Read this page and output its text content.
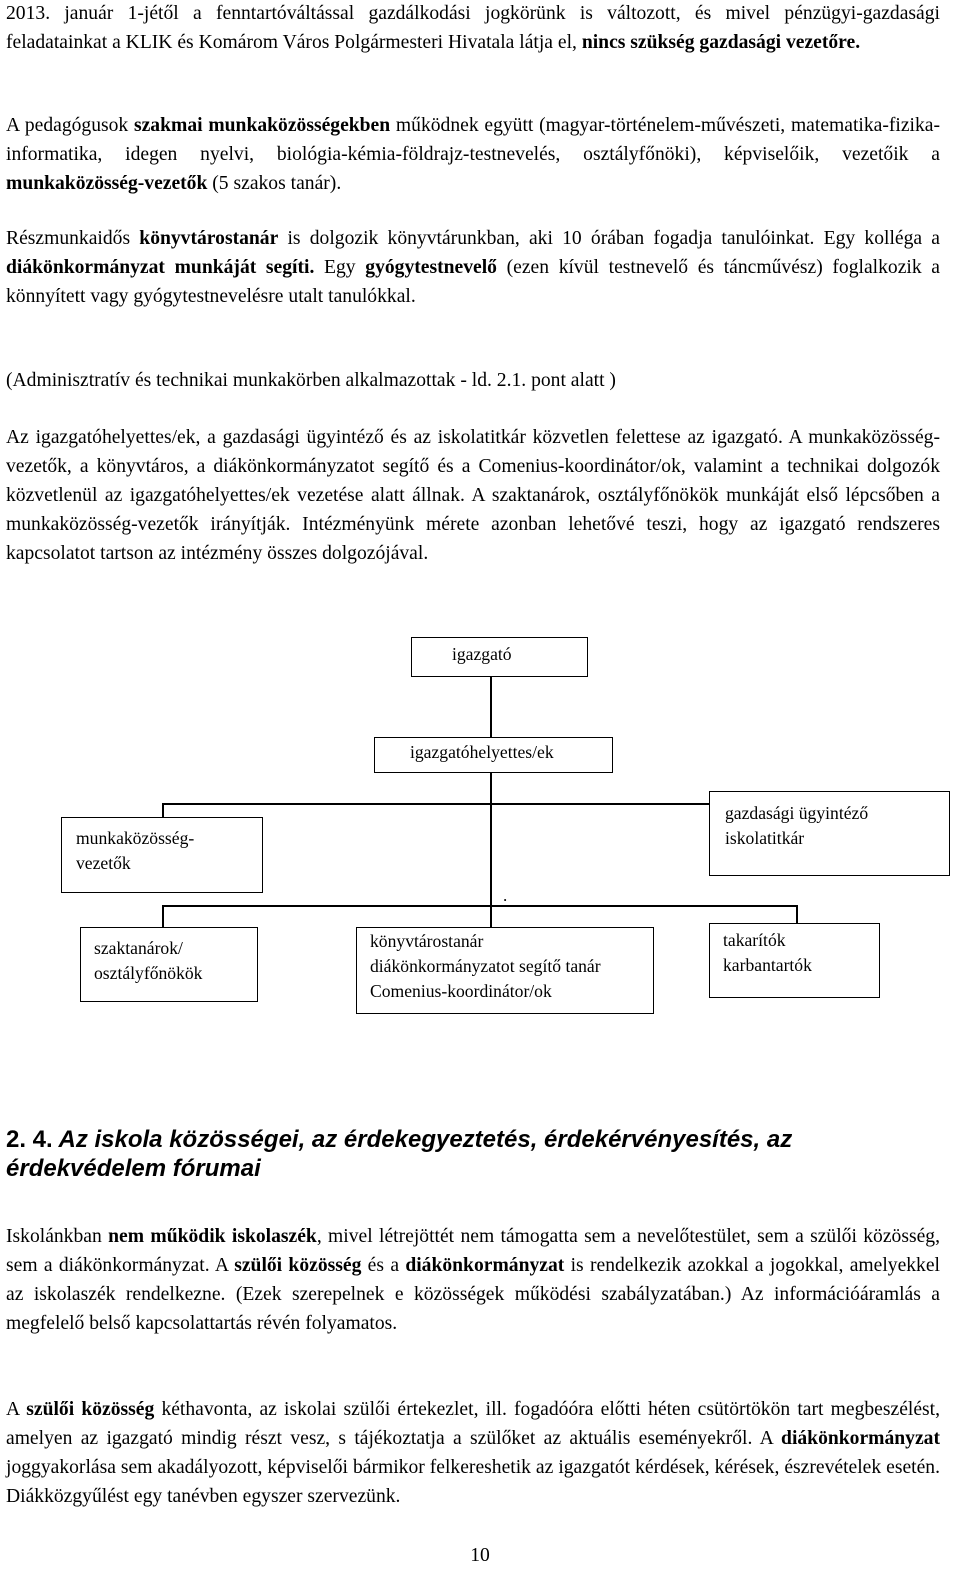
2013. január 1-jétől a fenntartóváltással gazdálkodási jogkörünk is változott, és mivel pénzügyi-gazdasági feladatainkat a KLIK és Komárom Város Polgármesteri Hivatala látja el, nincs szükség gazdasági vezetőre.

A pedagógusok szakmai munkaközösségekben működnek együtt (magyar-történelem-művészeti, matematika-fizika-informatika, idegen nyelvi, biológia-kémia-földrajz-testnevelés, osztályfőnöki), képviselőik, vezetőik a munkaközösség-vezetők (5 szakos tanár).

Részmunkaidős könyvtárostanár is dolgozik könyvtárunkban, aki 10 órában fogadja tanulóinkat. Egy kolléga a diákönkormányzat munkáját segíti. Egy gyógytestnevelő (ezen kívül testnevelő és táncművész) foglalkozik a könnyített vagy gyógytestnevelésre utalt tanulókkal.

(Adminisztratív és technikai munkakörben alkalmazottak - ld. 2.1. pont alatt )

Az igazgatóhelyettes/ek, a gazdasági ügyintéző és az iskolatitkár közvetlen felettese az igazgató. A munkaközösség-vezetők, a könyvtáros, a diákönkormányzatot segítő és a Comenius-koordinátor/ok, valamint a technikai dolgozók közvetlenül az igazgatóhelyettes/ek vezetése alatt állnak. A szaktanárok, osztályfőnökök munkáját első lépcsőben a munkaközösség-vezetők irányítják. Intézményünk mérete azonban lehetővé teszi, hogy az igazgató rendszeres kapcsolatot tartson az intézmény összes dolgozójával.

igazgató
igazgatóhelyettes/ek
gazdasági ügyintéző
iskolatitkár
munkaközösség-
vezetők
.
szaktanárok/
osztályfőnökök
könyvtárostanár
diákönkormányzatot segítő tanár
Comenius-koordinátor/ok
takarítók
karbantartók
2. 4. Az iskola közösségei, az érdekegyeztetés, érdekérvényesítés, az érdekvédelem fórumai

Iskolánkban nem működik iskolaszék, mivel létrejöttét nem támogatta sem a nevelőtestület, sem a szülői közösség, sem a diákönkormányzat. A szülői közösség és a diákönkormányzat is rendelkezik azokkal a jogokkal, amelyekkel az iskolaszék rendelkezne. (Ezek szerepelnek e közösségek működési szabályzatában.) Az információáramlás a megfelelő belső kapcsolattartás révén folyamatos.

A szülői közösség kéthavonta, az iskolai szülői értekezlet, ill. fogadóóra előtti héten csütörtökön tart megbeszélést, amelyen az igazgató mindig részt vesz, s tájékoztatja a szülőket az aktuális eseményekről. A diákönkormányzat joggyakorlása sem akadályozott, képviselői bármikor felkereshetik az igazgatót kérdések, kérések, észrevételek esetén. Diákközgyűlést egy tanévben egyszer szervezünk.

10
